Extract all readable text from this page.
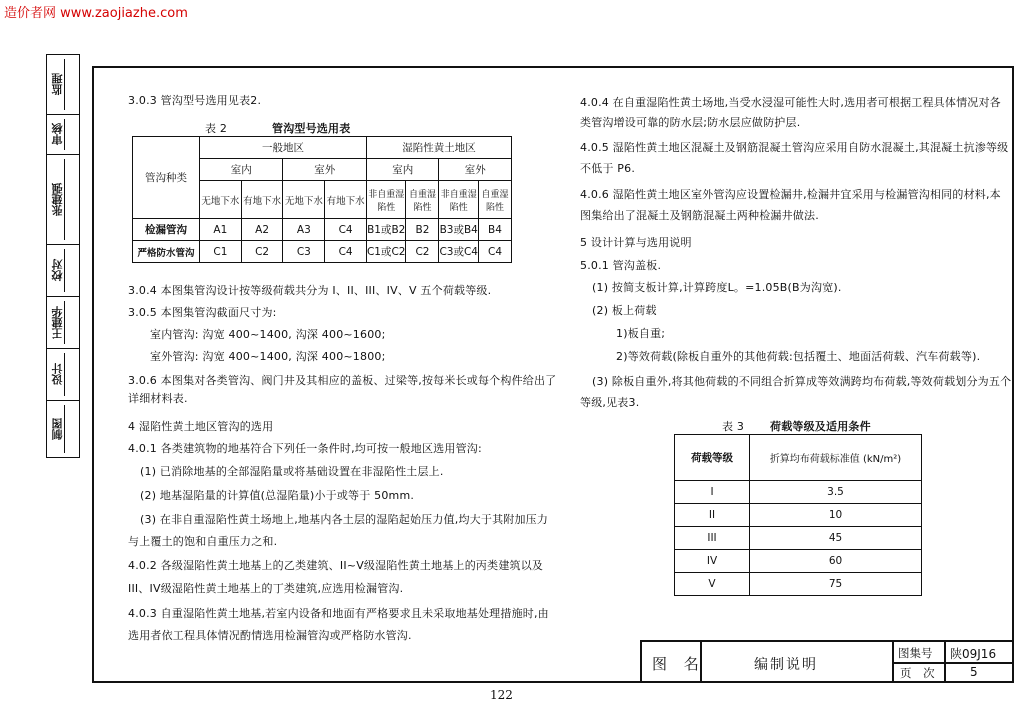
造价者网 www.zaojiazhe.com
监理
审核
张建强
校对
王建华
设计
制图
3.0.3 管沟型号选用见表2.
表 2	管沟型号选用表
管沟种类	一般地区				湿陷性黄土地区			
	室内		室外		室内		室外	
	无地下水	有地下水	无地下水	有地下水	非自重湿陷性	自重湿陷性	非自重湿陷性	自重湿陷性
检漏管沟	A1	A2	A3	C4	B1或B2	B2	B3或B4	B4
严格防水管沟	C1	C2	C3	C4	C1或C2	C2	C3或C4	C4
3.0.4 本图集管沟设计按等级荷载共分为 I、II、III、IV、V 五个荷载等级.
3.0.5 本图集管沟截面尺寸为:
室内管沟: 沟宽 400~1400, 沟深 400~1600;
室外管沟: 沟宽 400~1400, 沟深 400~1800;
3.0.6 本图集对各类管沟、阀门井及其相应的盖板、过梁等,按每米长或每个构件给出了
详细材料表.
4 湿陷性黄土地区管沟的选用
4.0.1 各类建筑物的地基符合下列任一条件时,均可按一般地区选用管沟:
(1) 已消除地基的全部湿陷量或将基础设置在非湿陷性土层上.
(2) 地基湿陷量的计算值(总湿陷量)小于或等于 50mm.
(3) 在非自重湿陷性黄土场地上,地基内各土层的湿陷起始压力值,均大于其附加压力
与上覆土的饱和自重压力之和.
4.0.2 各级湿陷性黄土地基上的乙类建筑、II~V级湿陷性黄土地基上的丙类建筑以及
III、IV级湿陷性黄土地基上的丁类建筑,应选用检漏管沟.
4.0.3 自重湿陷性黄土地基,若室内设备和地面有严格要求且未采取地基处理措施时,由
选用者依工程具体情况酌情选用检漏管沟或严格防水管沟.
4.0.4 在自重湿陷性黄土场地,当受水浸湿可能性大时,选用者可根据工程具体情况对各
类管沟增设可靠的防水层;防水层应做防护层.
4.0.5 湿陷性黄土地区混凝土及钢筋混凝土管沟应采用自防水混凝土,其混凝土抗渗等级
不低于 P6.
4.0.6 湿陷性黄土地区室外管沟应设置检漏井,检漏井宜采用与检漏管沟相同的材料,本
图集给出了混凝土及钢筋混凝土两种检漏井做法.
5 设计计算与选用说明
5.0.1 管沟盖板.
(1) 按简支板计算,计算跨度L。=1.05B(B为沟宽).
(2) 板上荷载
1)板自重;
2)等效荷载(除板自重外的其他荷载:包括覆土、地面活荷载、汽车荷载等).
(3) 除板自重外,将其他荷载的不同组合折算成等效满跨均布荷载,等效荷载划分为五个
等级,见表3.
表 3 荷载等级及适用条件
荷载等级	折算均布荷载标准值 (kN/m²)
I	3.5
II	10
III	45
IV	60
V	75
图 名	编制说明
图集号 陕09J16
页 次	5
122
